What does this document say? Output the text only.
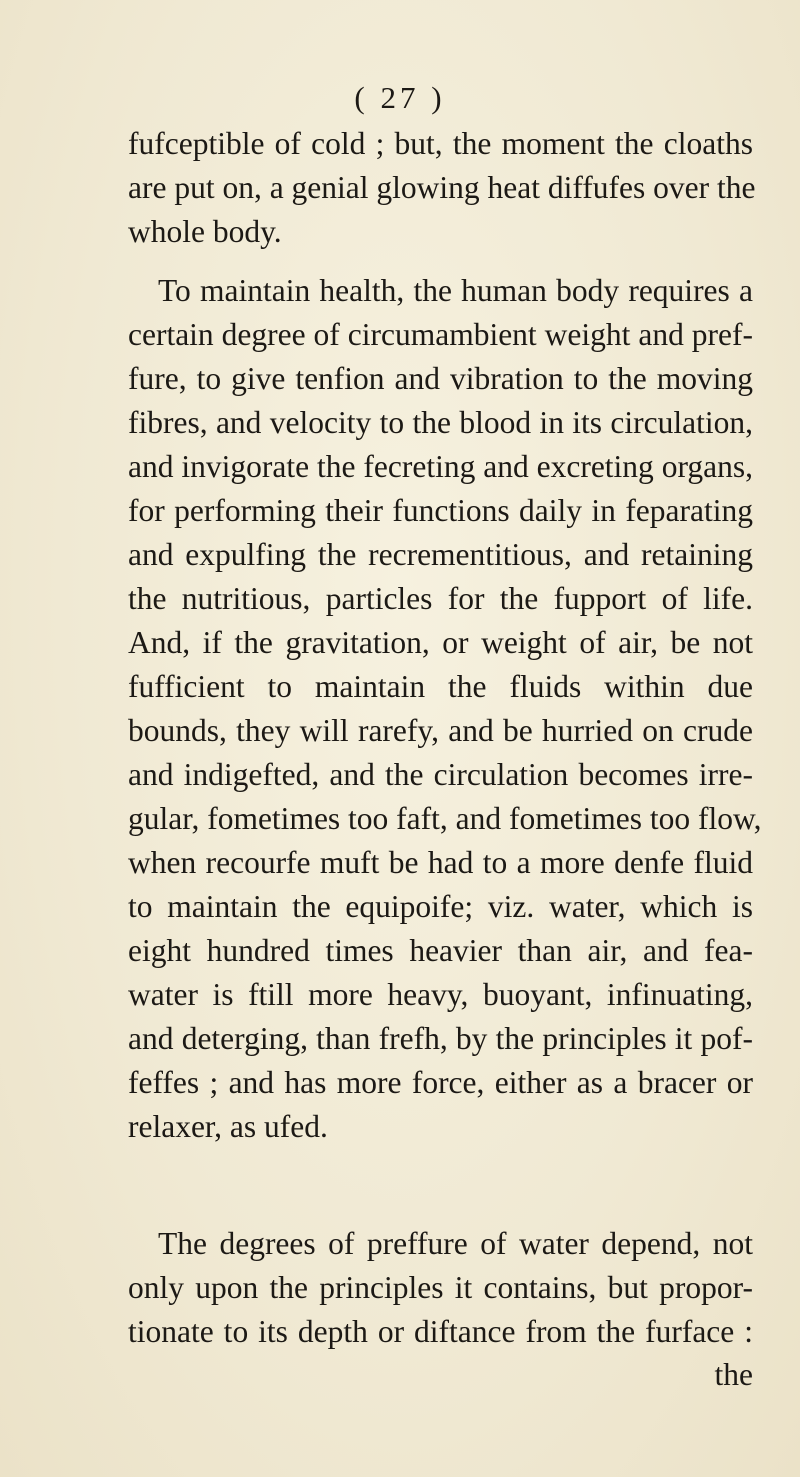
( 27 )
fufceptible of cold ; but, the moment the cloaths
are put on, a genial glowing heat diffufes over the
whole body.
To maintain health, the human body requires a
certain degree of circumambient weight and pref-
fure, to give tenfion and vibration to the moving
fibres, and velocity to the blood in its circulation,
and invigorate the fecreting and excreting organs,
for performing their functions daily in feparating
and expulfing the recrementitious, and retaining
the nutritious, particles for the fupport of life.
And, if the gravitation, or weight of air, be not
fufficient to maintain the fluids within due
bounds, they will rarefy, and be hurried on crude
and indigefted, and the circulation becomes irre-
gular, fometimes too faft, and fometimes too flow,
when recourfe muft be had to a more denfe fluid
to maintain the equipoife; viz. water, which is
eight hundred times heavier than air, and fea-
water is ftill more heavy, buoyant, infinuating,
and deterging, than frefh, by the principles it pof-
feffes ; and has more force, either as a bracer or
relaxer, as ufed.
The degrees of preffure of water depend, not
only upon the principles it contains, but propor-
tionate to its depth or diftance from the furface :
the
